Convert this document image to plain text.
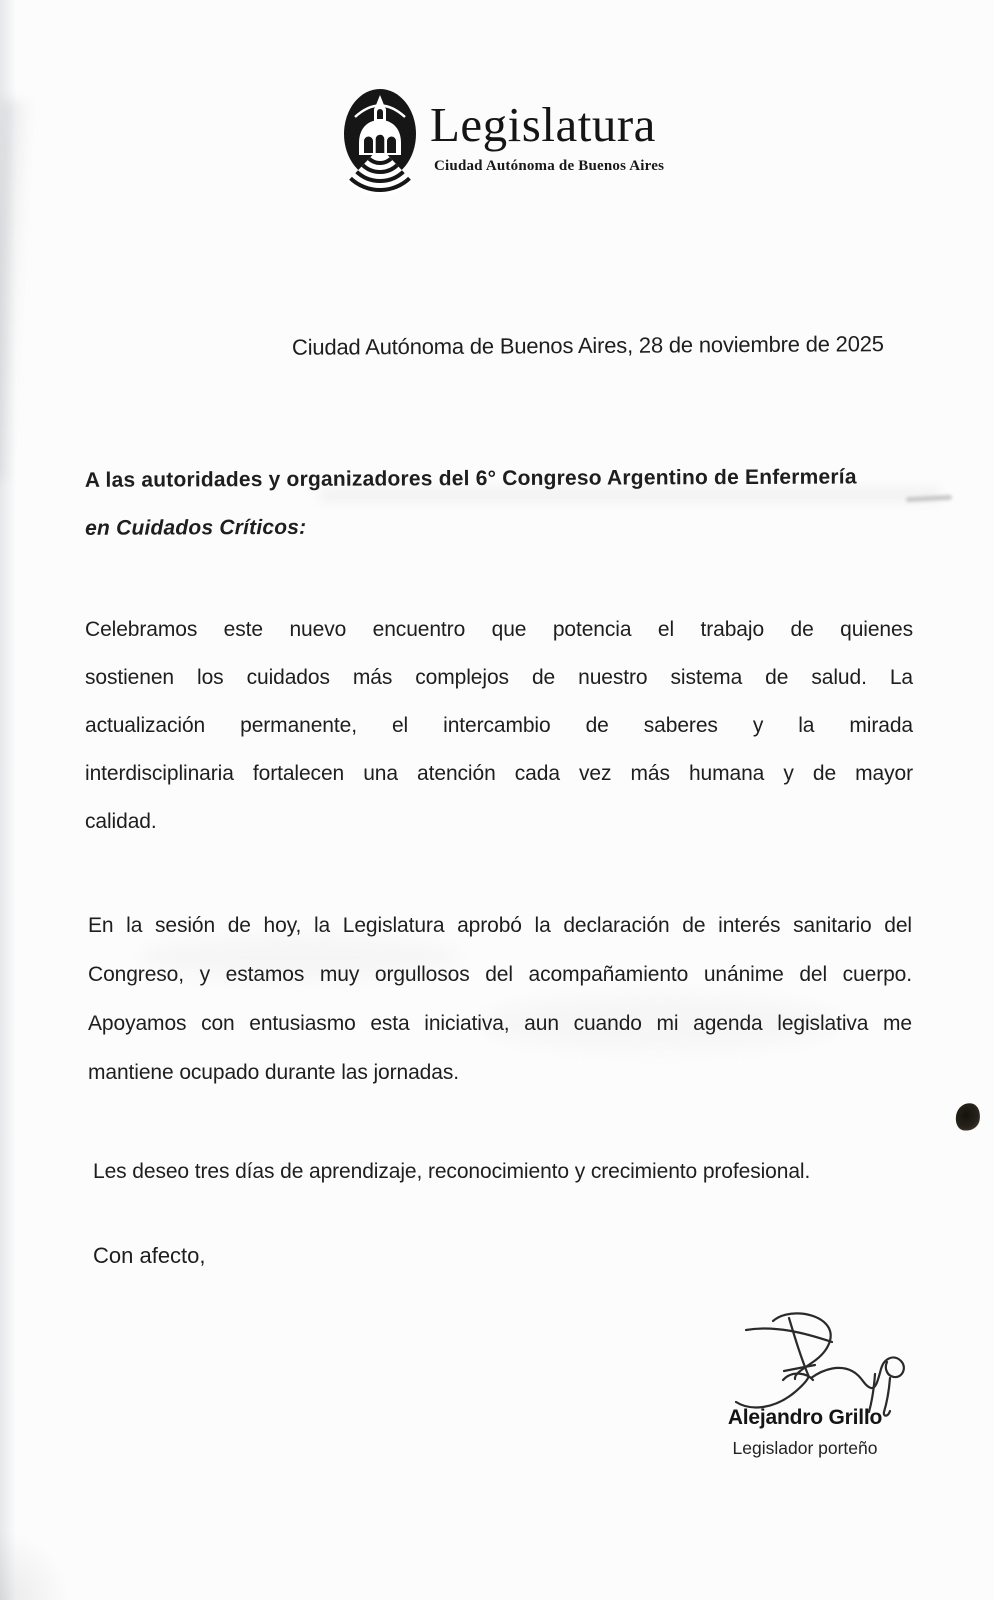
Legislatura
Ciudad Autónoma de Buenos Aires
Ciudad Autónoma de Buenos Aires, 28 de noviembre de 2025
A las autoridades y organizadores del 6° Congreso Argentino de Enfermería
en Cuidados Críticos:
Celebramos este nuevo encuentro que potencia el trabajo de quienes
sostienen los cuidados más complejos de nuestro sistema de salud. La
actualización permanente, el intercambio de saberes y la mirada
interdisciplinaria fortalecen una atención cada vez más humana y de mayor
calidad.
En la sesión de hoy, la Legislatura aprobó la declaración de interés sanitario del
Congreso, y estamos muy orgullosos del acompañamiento unánime del cuerpo.
Apoyamos con entusiasmo esta iniciativa, aun cuando mi agenda legislativa me
mantiene ocupado durante las jornadas.
Les deseo tres días de aprendizaje, reconocimiento y crecimiento profesional.
Con afecto,
Alejandro Grillo
Legislador porteño
